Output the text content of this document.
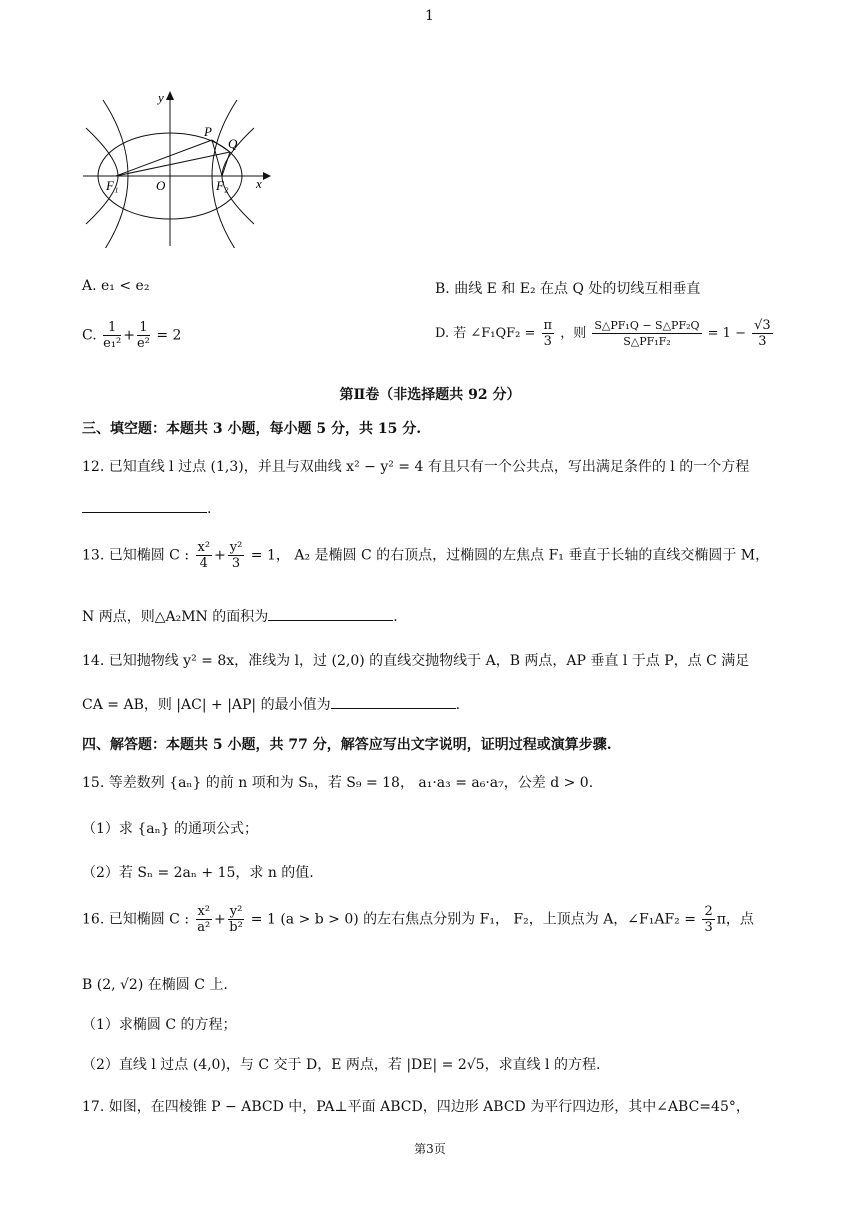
1
y
x
O
P
Q
F₁	F₂
A. e₁ < e₂	B. 曲线 E 和 E₂ 在点 Q 处的切线互相垂直
C. $\frac{1}{\text{e₁²}} + \frac{1}{\text{e²}} = 2$	D. 若 ∠F₁QF₂ = $\frac{\pi}{3}$ ，则 $\frac{\text{S△PF₁Q − S△PF₂Q}}{\text{S△PF₁F₂}} = 1 - \frac{√3}{3}$
第Ⅱ卷（非选择题共 92 分）
三、填空题：本题共 3 小题，每小题 5 分，共 15 分.
12. 已知直线 l 过点 (1,3)，并且与双曲线 x² − y² = 4 有且只有一个公共点，写出满足条件的 l 的一个方程
.
13. 已知椭圆 C : $\frac{\text{x²}}{4} + \frac{\text{y²}}{3} = 1$， A₂ 是椭圆 C 的右顶点，过椭圆的左焦点 F₁ 垂直于长轴的直线交椭圆于 M，
N 两点，则△A₂MN 的面积为	.
14. 已知抛物线 y² = 8x，准线为 l，过 (2,0) 的直线交抛物线于 A，B 两点，AP 垂直 l 于点 P，点 C 满足
CA = AB，则 |AC| + |AP| 的最小值为	.
四、解答题：本题共 5 小题，共 77 分，解答应写出文字说明，证明过程或演算步骤.
15. 等差数列 {aₙ} 的前 n 项和为 Sₙ，若 S₉ = 18， a₁·a₃ = a₆·a₇，公差 d > 0.
（1）求 {aₙ} 的通项公式；
（2）若 Sₙ = 2aₙ + 15，求 n 的值.
16. 已知椭圆 C : $\frac{\text{x²}}{\text{a²}} + \frac{\text{y²}}{\text{b²}} = 1$ (a > b > 0) 的左右焦点分别为 F₁， F₂，上顶点为 A，∠F₁AF₂ = $\frac{2}{3}$ π，点
B (2, √2) 在椭圆 C 上.
（1）求椭圆 C 的方程；
（2）直线 l 过点 (4,0)，与 C 交于 D，E 两点，若 |DE| = 2√5，求直线 l 的方程.
17. 如图，在四棱锥 P − ABCD 中，PA⊥平面 ABCD，四边形 ABCD 为平行四边形，其中∠ABC=45°，
第3页
